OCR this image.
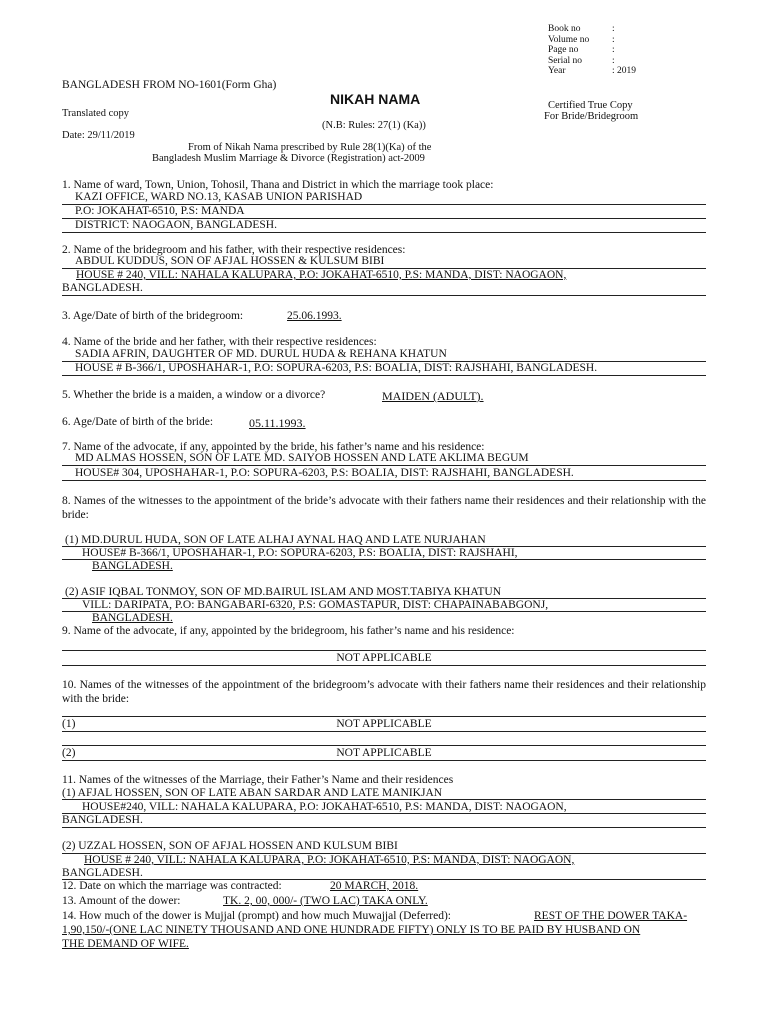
Book no	:
Volume no :
Page no	:
Serial no	:
Year	: 2019
BANGLADESH FROM NO-1601(Form Gha)
NIKAH NAMA
Translated copy
Certified True Copy
For Bride/Bridegroom
(N.B: Rules: 27(1) (Ka))
Date: 29/11/2019
From of Nikah Nama prescribed by Rule 28(1)(Ka) of the
Bangladesh Muslim Marriage & Divorce (Registration) act-2009
1. Name of ward, Town, Union, Tohosil, Thana and District in which the marriage took place:
KAZI OFFICE, WARD NO.13, KASAB UNION PARISHAD
P.O: JOKAHAT-6510, P.S: MANDA
DISTRICT: NAOGAON, BANGLADESH.
2. Name of the bridegroom and his father, with their respective residences:
ABDUL KUDDUS, SON OF AFJAL HOSSEN & KULSUM BIBI
HOUSE # 240, VILL: NAHALA KALUPARA, P.O: JOKAHAT-6510, P.S: MANDA, DIST: NAOGAON,
BANGLADESH.
3. Age/Date of birth of the bridegroom:	25.06.1993.
4. Name of the bride and her father, with their respective residences:
SADIA AFRIN, DAUGHTER OF MD. DURUL HUDA & REHANA KHATUN
HOUSE # B-366/1, UPOSHAHAR-1, P.O: SOPURA-6203, P.S: BOALIA, DIST: RAJSHAHI, BANGLADESH.
5. Whether the bride is a maiden, a window or a divorce?	MAIDEN (ADULT).
6. Age/Date of birth of the bride:	05.11.1993.
7. Name of the advocate, if any, appointed by the bride, his father’s name and his residence:
MD ALMAS HOSSEN, SON OF LATE MD. SAIYOB HOSSEN AND LATE AKLIMA BEGUM
HOUSE# 304, UPOSHAHAR-1, P.O: SOPURA-6203, P.S: BOALIA, DIST: RAJSHAHI, BANGLADESH.
8. Names of the witnesses to the appointment of the bride’s advocate with their fathers name their residences and their relationship with the bride:
(1) MD.DURUL HUDA, SON OF LATE ALHAJ AYNAL HAQ AND LATE NURJAHAN
HOUSE# B-366/1, UPOSHAHAR-1, P.O: SOPURA-6203, P.S: BOALIA, DIST: RAJSHAHI,
BANGLADESH.
(2) ASIF IQBAL TONMOY, SON OF MD.BAIRUL ISLAM AND MOST.TABIYA KHATUN
VILL: DARIPATA, P.O: BANGABARI-6320, P.S: GOMASTAPUR, DIST: CHAPAINABABGONJ,
BANGLADESH.
9. Name of the advocate, if any, appointed by the bridegroom, his father’s name and his residence:
NOT APPLICABLE
10. Names of the witnesses of the appointment of the bridegroom’s advocate with their fathers name their residences and their relationship with the bride:
(1)	NOT APPLICABLE
(2)	NOT APPLICABLE
11. Names of the witnesses of the Marriage, their Father’s Name and their residences
(1) AFJAL HOSSEN, SON OF LATE ABAN SARDAR AND LATE MANIKJAN
HOUSE#240, VILL: NAHALA KALUPARA, P.O: JOKAHAT-6510, P.S: MANDA, DIST: NAOGAON,
BANGLADESH.
(2) UZZAL HOSSEN, SON OF AFJAL HOSSEN AND KULSUM BIBI
HOUSE # 240, VILL: NAHALA KALUPARA, P.O: JOKAHAT-6510, P.S: MANDA, DIST: NAOGAON,
BANGLADESH.
12. Date on which the marriage was contracted:	20 MARCH, 2018.
13. Amount of the dower:	TK. 2, 00, 000/- (TWO LAC) TAKA ONLY.
14. How much of the dower is Mujjal (prompt) and how much Muwajjal (Deferred):	REST OF THE DOWER TAKA-
1,90,150/-(ONE LAC NINETY THOUSAND AND ONE HUNDRADE FIFTY) ONLY IS TO BE PAID BY HUSBAND ON
THE DEMAND OF WIFE.
